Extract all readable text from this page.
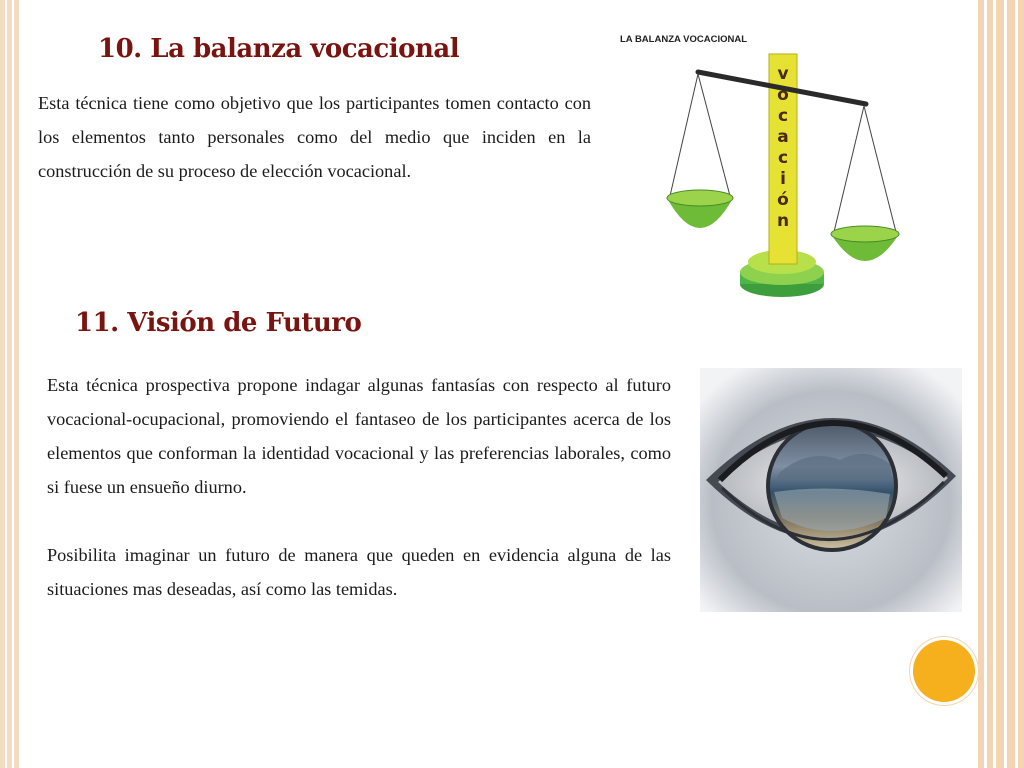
10. La balanza vocacional

Esta técnica tiene como objetivo que los participantes tomen contacto con los elementos tanto personales como del medio que inciden en la construcción de su proceso de elección vocacional.

LA BALANZA VOCACIONAL
v
o
c
a
c
i
ó
n
11. Visión de Futuro

Esta técnica prospectiva propone indagar algunas fantasías con respecto al futuro vocacional-ocupacional, promoviendo el fantaseo de los participantes acerca de los elementos que conforman la identidad vocacional y las preferencias laborales, como si fuese un ensueño diurno.

Posibilita imaginar un futuro de manera que queden en evidencia alguna de las situaciones mas deseadas, así como las temidas.
